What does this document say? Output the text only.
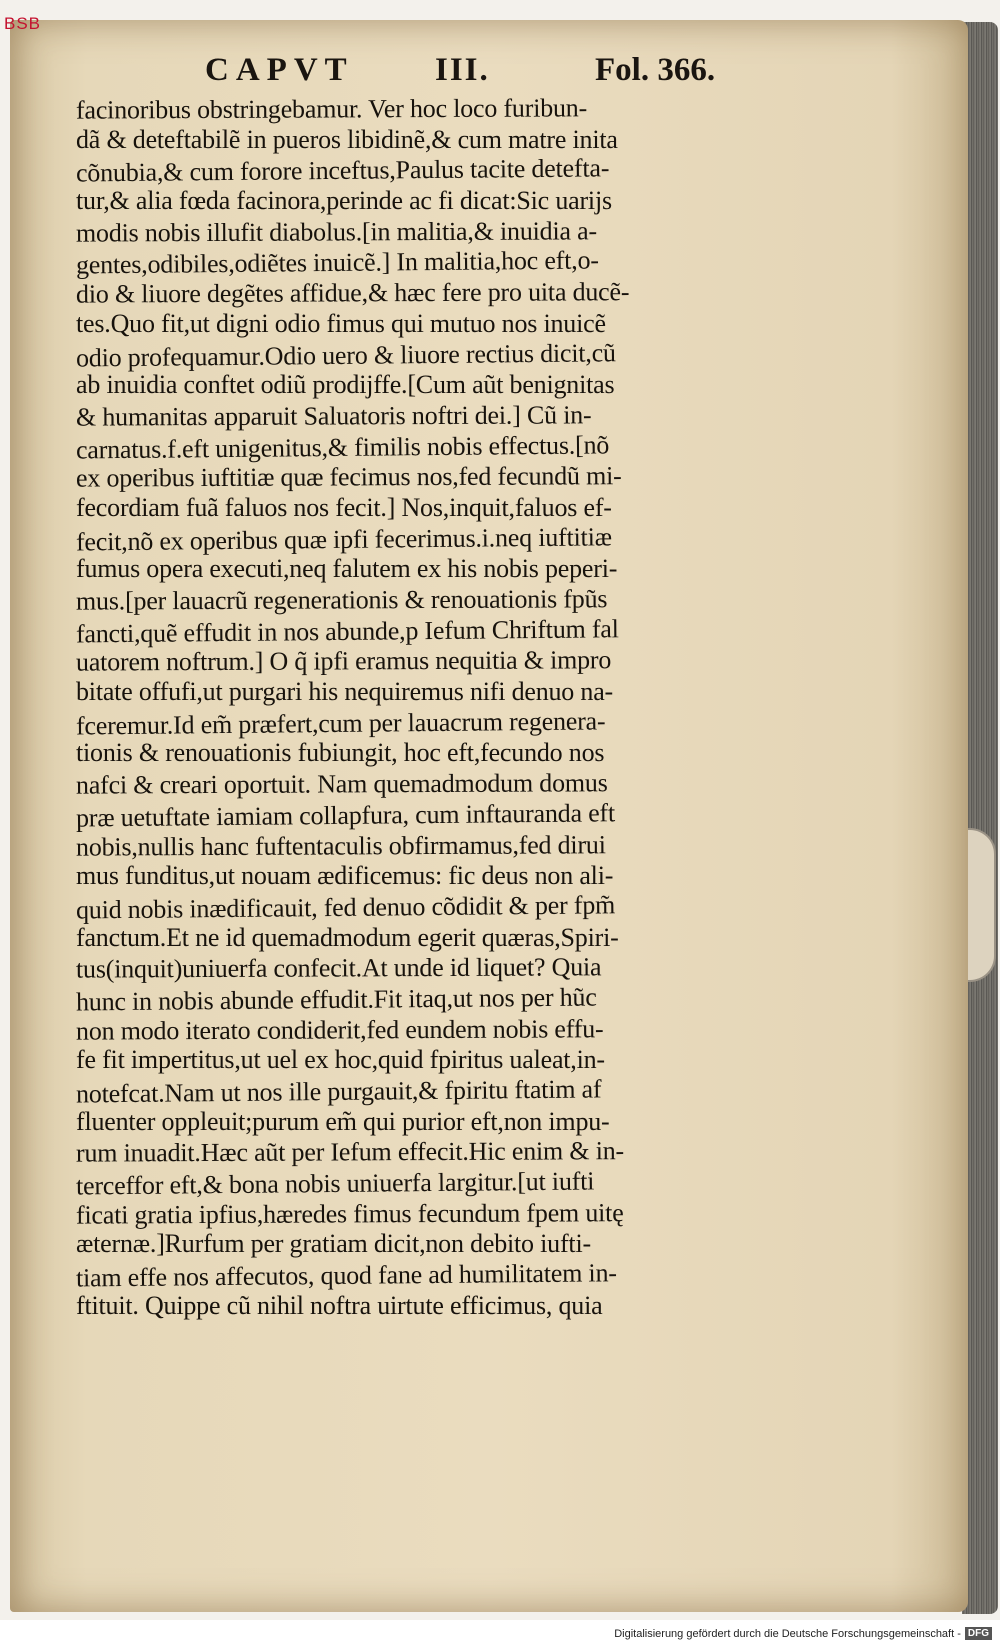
BSB
CAPVT III.	Fol. 366.
facinoribus obstringebamur. Ver hoc loco furibun-
dã & deteftabilẽ in pueros libidinẽ,& cum matre inita
cõnubia,& cum forore inceftus,Paulus tacite detefta-
tur,& alia fœda facinora,perinde ac fi dicat:Sic uarijs
modis nobis illufit diabolus.[in malitia,& inuidia a-
gentes,odibiles,odiẽtes inuicẽ.] In malitia,hoc eft,o-
dio & liuore degẽtes affidue,& hæc fere pro uita ducẽ-
tes.Quo fit,ut digni odio fimus qui mutuo nos inuicẽ
odio profequamur.Odio uero & liuore rectius dicit,cũ
ab inuidia conftet odiũ prodijffe.[Cum aũt benignitas
& humanitas apparuit Saluatoris noftri dei.] Cũ in-
carnatus.f.eft unigenitus,& fimilis nobis effectus.[nõ
ex operibus iuftitiæ quæ fecimus nos,fed fecundũ mi-
fecordiam fuã faluos nos fecit.] Nos,inquit,faluos ef-
fecit,nõ ex operibus quæ ipfi fecerimus.i.neq iuftitiæ
fumus opera executi,neq falutem ex his nobis peperi-
mus.[per lauacrũ regenerationis & renouationis fpũs
fancti,quẽ effudit in nos abunde,p Iefum Chriftum fal
uatorem noftrum.] O q̃ ipfi eramus nequitia & impro
bitate offufi,ut purgari his nequiremus nifi denuo na-
fceremur.Id em̃ præfert,cum per lauacrum regenera-
tionis & renouationis fubiungit, hoc eft,fecundo nos
nafci & creari oportuit. Nam quemadmodum domus
præ uetuftate iamiam collapfura, cum inftauranda eft
nobis,nullis hanc fuftentaculis obfirmamus,fed dirui
mus funditus,ut nouam ædificemus: fic deus non ali-
quid nobis inædificauit, fed denuo cõdidit & per fpm̃
fanctum.Et ne id quemadmodum egerit quæras,Spiri-
tus(inquit)uniuerfa confecit.At unde id liquet? Quia
hunc in nobis abunde effudit.Fit itaq,ut nos per hũc
non modo iterato condiderit,fed eundem nobis effu-
fe fit impertitus,ut uel ex hoc,quid fpiritus ualeat,in-
notefcat.Nam ut nos ille purgauit,& fpiritu ftatim af
fluenter oppleuit;purum em̃ qui purior eft,non impu-
rum inuadit.Hæc aũt per Iefum effecit.Hic enim & in-
terceffor eft,& bona nobis uniuerfa largitur.[ut iufti
ficati gratia ipfius,hæredes fimus fecundum fpem uitę
æternæ.]Rurfum per gratiam dicit,non debito iufti-
tiam effe nos affecutos, quod fane ad humilitatem in-
ftituit. Quippe cũ nihil noftra uirtute efficimus, quia
Digitalisierung gefördert durch die Deutsche Forschungsgemeinschaft - DFG
